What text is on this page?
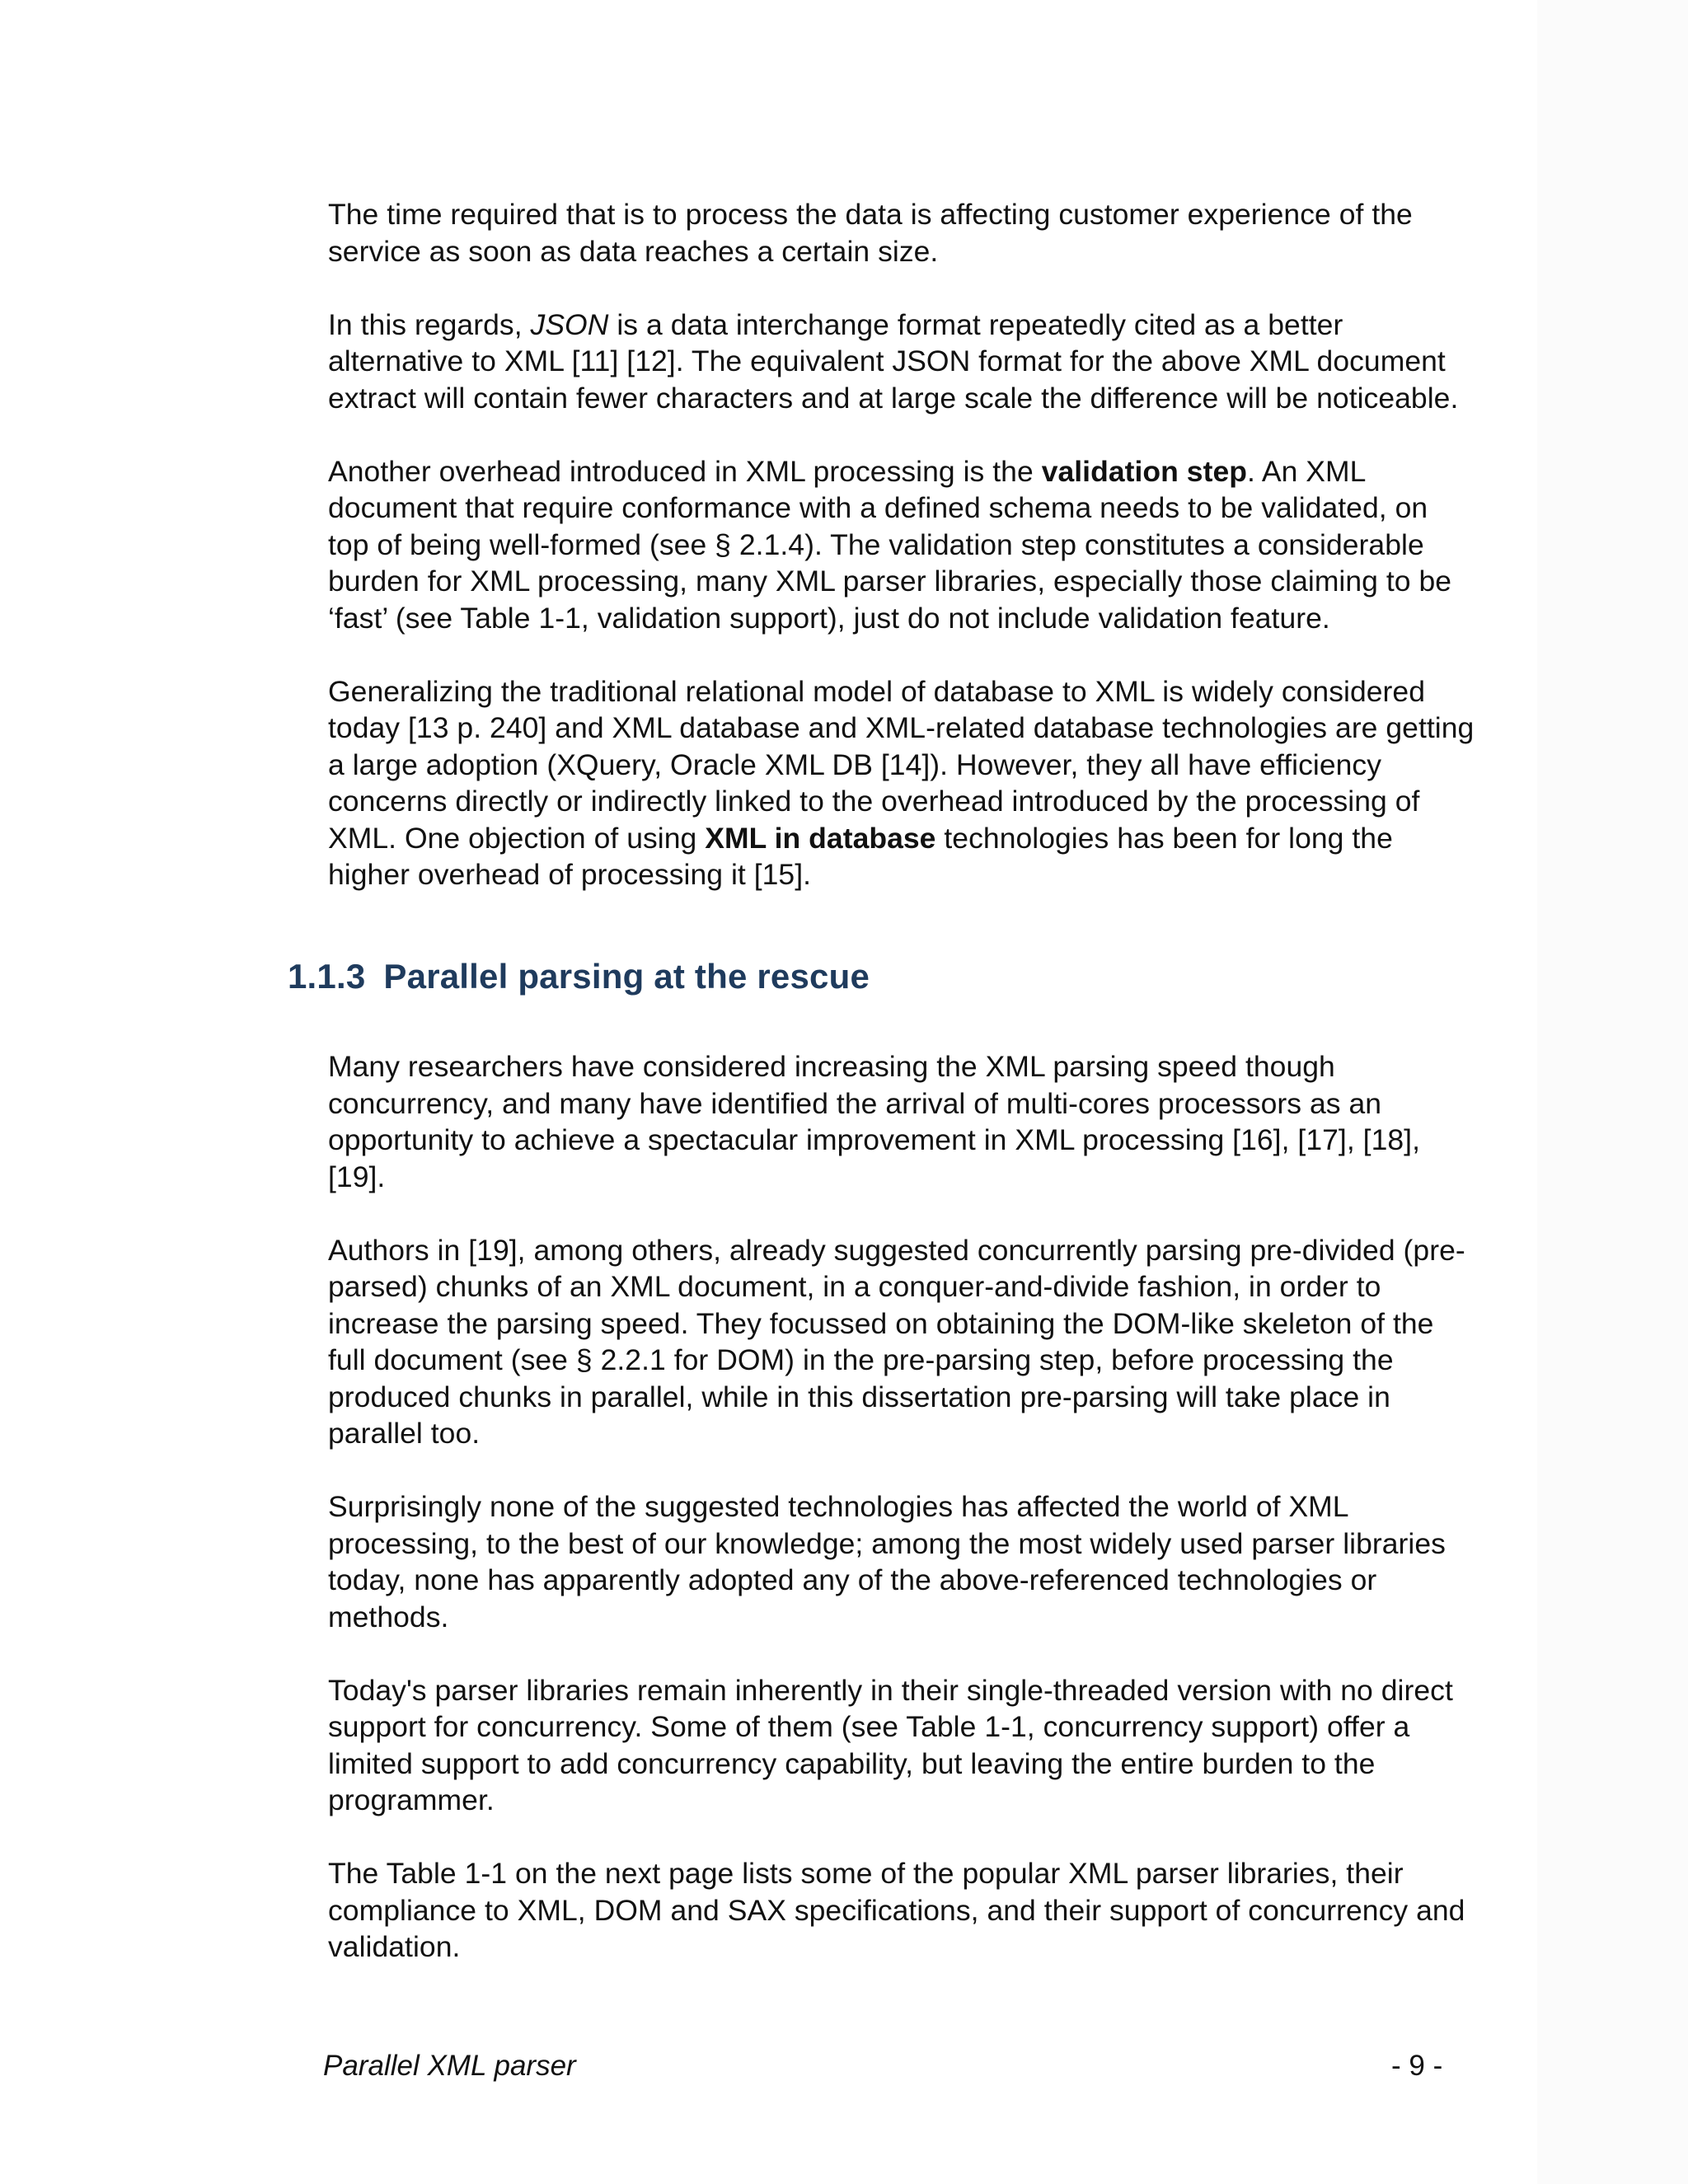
The time required that is to process the data is affecting customer experience of the
service as soon as data reaches a certain size.

In this regards, JSON is a data interchange format repeatedly cited as a better
alternative to XML [11] [12]. The equivalent JSON format for the above XML document
extract will contain fewer characters and at large scale the difference will be noticeable.

Another overhead introduced in XML processing is the validation step. An XML
document that require conformance with a defined schema needs to be validated, on
top of being well-formed (see § 2.1.4). The validation step constitutes a considerable
burden for XML processing, many XML parser libraries, especially those claiming to be
‘fast’ (see Table 1-1, validation support), just do not include validation feature.

Generalizing the traditional relational model of database to XML is widely considered
today [13 p. 240] and XML database and XML-related database technologies are getting
a large adoption (XQuery, Oracle XML DB [14]). However, they all have efficiency
concerns directly or indirectly linked to the overhead introduced by the processing of
XML. One objection of using XML in database technologies has been for long the
higher overhead of processing it [15].

1.1.3 Parallel parsing at the rescue

Many researchers have considered increasing the XML parsing speed though
concurrency, and many have identified the arrival of multi-cores processors as an
opportunity to achieve a spectacular improvement in XML processing [16], [17], [18],
[19].

Authors in [19], among others, already suggested concurrently parsing pre-divided (pre-
parsed) chunks of an XML document, in a conquer-and-divide fashion, in order to
increase the parsing speed. They focussed on obtaining the DOM-like skeleton of the
full document (see § 2.2.1 for DOM) in the pre-parsing step, before processing the
produced chunks in parallel, while in this dissertation pre-parsing will take place in
parallel too.

Surprisingly none of the suggested technologies has affected the world of XML
processing, to the best of our knowledge; among the most widely used parser libraries
today, none has apparently adopted any of the above-referenced technologies or
methods.

Today's parser libraries remain inherently in their single-threaded version with no direct
support for concurrency. Some of them (see Table 1-1, concurrency support) offer a
limited support to add concurrency capability, but leaving the entire burden to the
programmer.

The Table 1-1 on the next page lists some of the popular XML parser libraries, their
compliance to XML, DOM and SAX specifications, and their support of concurrency and
validation.

Parallel XML parser	- 9 -
